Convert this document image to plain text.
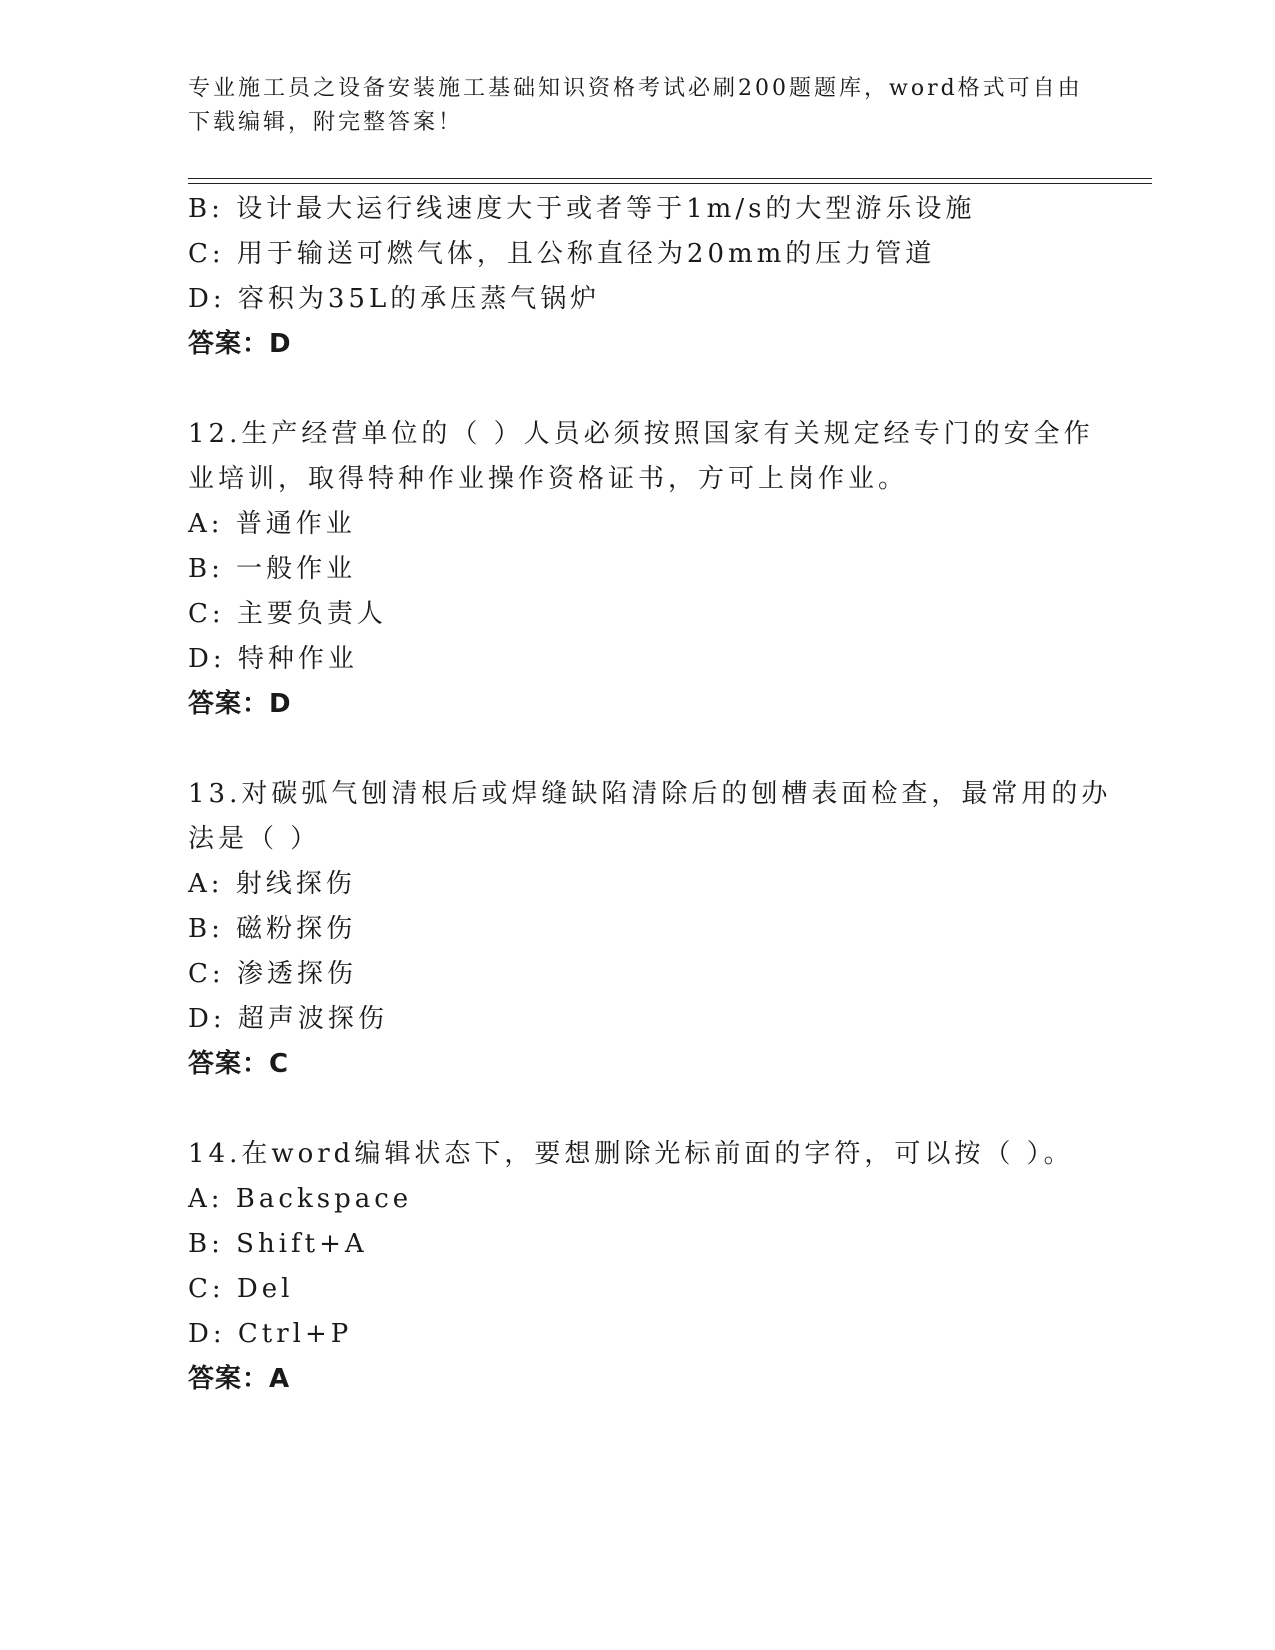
专业施工员之设备安装施工基础知识资格考试必刷200题题库，word格式可自由
下载编辑，附完整答案！
B: 设计最大运行线速度大于或者等于1m/s的大型游乐设施
C: 用于输送可燃气体，且公称直径为20mm的压力管道
D: 容积为35L的承压蒸气锅炉
答案：D
12.生产经营单位的（ ）人员必须按照国家有关规定经专门的安全作
业培训，取得特种作业操作资格证书，方可上岗作业。
A: 普通作业
B: 一般作业
C: 主要负责人
D: 特种作业
答案：D
13.对碳弧气刨清根后或焊缝缺陷清除后的刨槽表面检查，最常用的办
法是（ ）
A: 射线探伤
B: 磁粉探伤
C: 渗透探伤
D: 超声波探伤
答案：C
14.在word编辑状态下，要想删除光标前面的字符，可以按（ ）。
A: Backspace
B: Shift+A
C: Del
D: Ctrl+P
答案：A
